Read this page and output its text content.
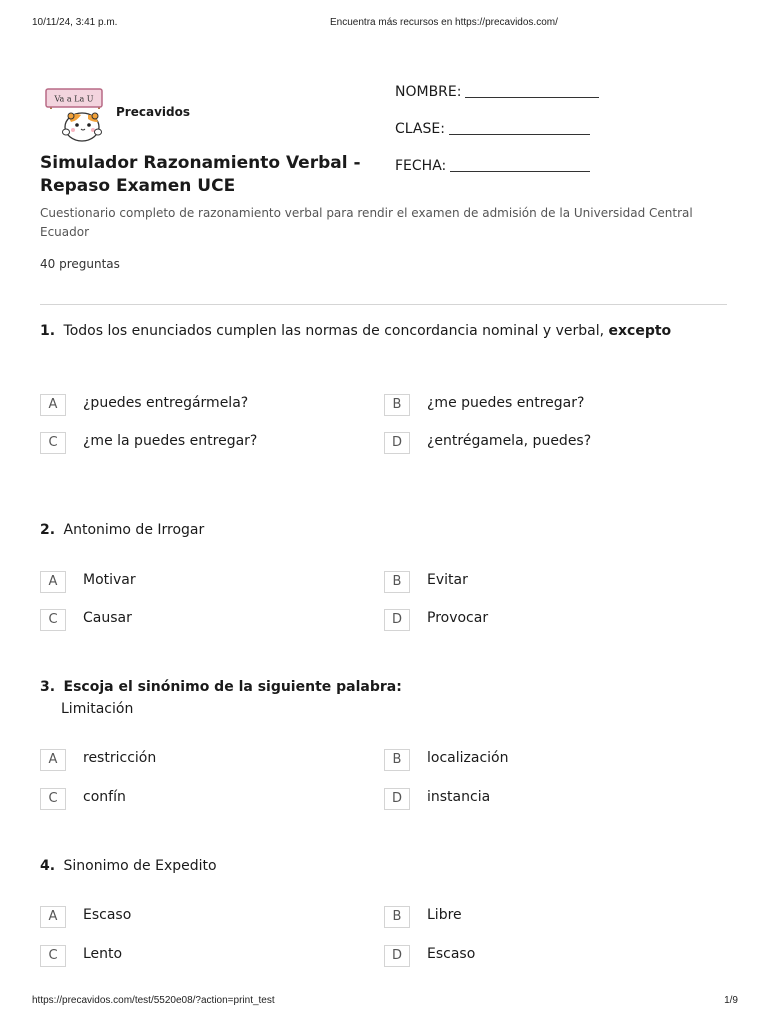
10/11/24, 3:41 p.m.	Encuentra más recursos en https://precavidos.com/
Va a La U
Precavidos
Simulador Razonamiento Verbal - Repaso Examen UCE
NOMBRE:
CLASE:
FECHA:
Cuestionario completo de razonamiento verbal para rendir el examen de admisión de la Universidad Central Ecuador
40 preguntas
1. Todos los enunciados cumplen las normas de concordancia nominal y verbal, excepto
A	¿puedes entregármela?	B	¿me puedes entregar?
C	¿me la puedes entregar?	D	¿entrégamela, puedes?
2. Antonimo de Irrogar
A	Motivar	B	Evitar
C	Causar	D	Provocar
3. Escoja el sinónimo de la siguiente palabra:
Limitación
A	restricción	B	localización
C	confín	D	instancia
4. Sinonimo de Expedito
A	Escaso	B	Libre
C	Lento	D	Escaso
https://precavidos.com/test/5520e08/?action=print_test	1/9
